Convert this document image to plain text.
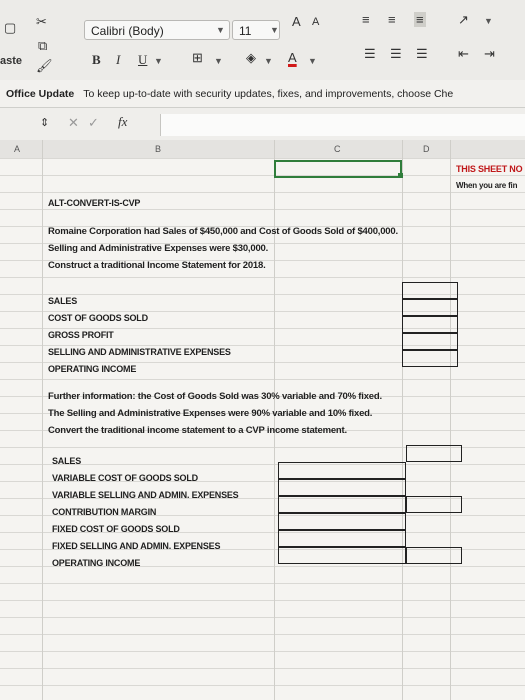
▢ ✂
⧉
🖌
aste
Calibri (Body)	▼	11	▼
A A
B I U ▼ ⊞ ▼ ◈ ▼ A ▼
≡ ≡ ≡	↗ ▼
☰ ☰ ☰ ⇤ ⇥
Office Update To keep up-to-date with security updates, fixes, and improvements, choose Che
⇕ ✕ ✓ fx
A	B	C	D
THIS SHEET NO
When you are fin
ALT-CONVERT-IS-CVP
Romaine Corporation had Sales of $450,000 and Cost of Goods Sold of $400,000.
Selling and Administrative Expenses were $30,000.
Construct a traditional Income Statement for 2018.
SALES
COST OF GOODS SOLD
GROSS PROFIT
SELLING AND ADMINISTRATIVE EXPENSES
OPERATING INCOME
Further information: the Cost of Goods Sold was 30% variable and 70% fixed.
The Selling and Administrative Expenses were 90% variable and 10% fixed.
Convert the traditional income statement to a CVP income statement.
SALES
VARIABLE COST OF GOODS SOLD
VARIABLE SELLING AND ADMIN. EXPENSES
CONTRIBUTION MARGIN
FIXED COST OF GOODS SOLD
FIXED SELLING AND ADMIN. EXPENSES
OPERATING INCOME
